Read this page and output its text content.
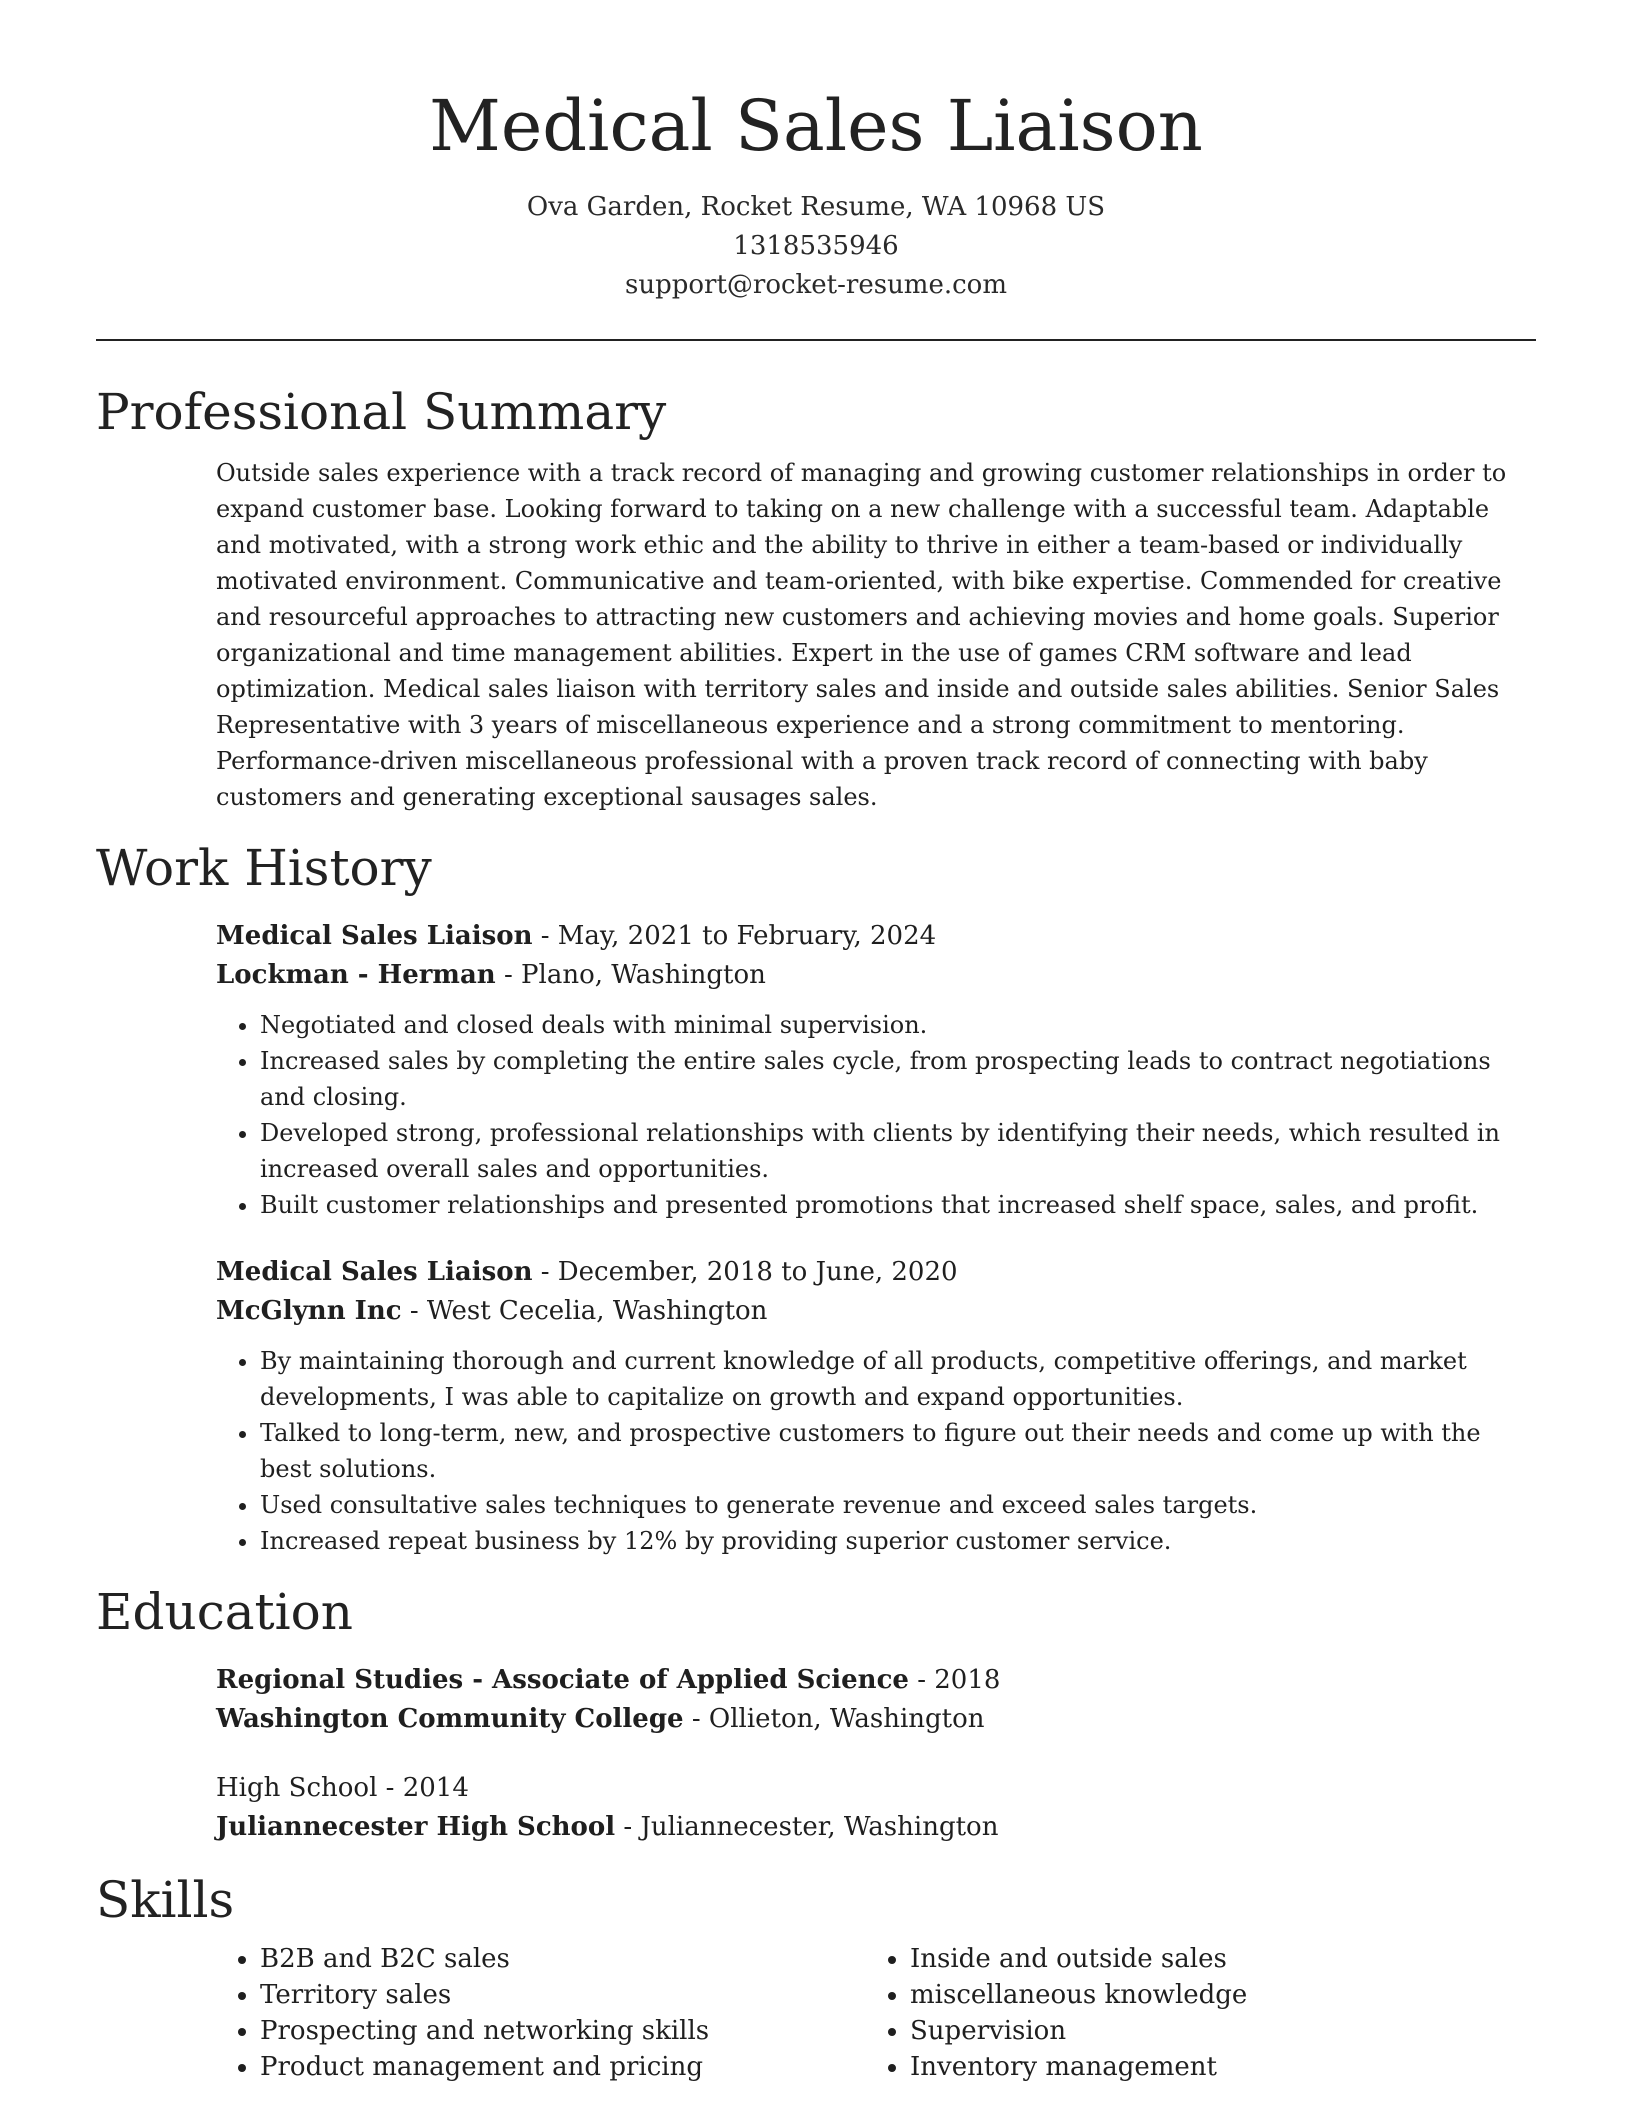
Medical Sales Liaison
Ova Garden, Rocket Resume, WA 10968 US
1318535946
support@rocket-resume.com
Professional Summary

Outside sales experience with a track record of managing and growing customer relationships in order to expand customer base. Looking forward to taking on a new challenge with a successful team. Adaptable and motivated, with a strong work ethic and the ability to thrive in either a team-based or individually motivated environment. Communicative and team-oriented, with bike expertise. Commended for creative and resourceful approaches to attracting new customers and achieving movies and home goals. Superior organizational and time management abilities. Expert in the use of games CRM software and lead optimization. Medical sales liaison with territory sales and inside and outside sales abilities. Senior Sales Representative with 3 years of miscellaneous experience and a strong commitment to mentoring. Performance-driven miscellaneous professional with a proven track record of connecting with baby customers and generating exceptional sausages sales.

Work History
Medical Sales Liaison - May, 2021 to February, 2024
Lockman - Herman - Plano, Washington
• Negotiated and closed deals with minimal supervision.
• Increased sales by completing the entire sales cycle, from prospecting leads to contract negotiations and closing.
• Developed strong, professional relationships with clients by identifying their needs, which resulted in increased overall sales and opportunities.
• Built customer relationships and presented promotions that increased shelf space, sales, and profit.
Medical Sales Liaison - December, 2018 to June, 2020
McGlynn Inc - West Cecelia, Washington
• By maintaining thorough and current knowledge of all products, competitive offerings, and market developments, I was able to capitalize on growth and expand opportunities.
• Talked to long-term, new, and prospective customers to figure out their needs and come up with the best solutions.
• Used consultative sales techniques to generate revenue and exceed sales targets.
• Increased repeat business by 12% by providing superior customer service.
Education
Regional Studies - Associate of Applied Science - 2018
Washington Community College - Ollieton, Washington
High School - 2014
Juliannecester High School - Juliannecester, Washington
Skills
• B2B and B2C sales
• Territory sales
• Prospecting and networking skills
• Product management and pricing
• Inside and outside sales
• miscellaneous knowledge
• Supervision
• Inventory management
